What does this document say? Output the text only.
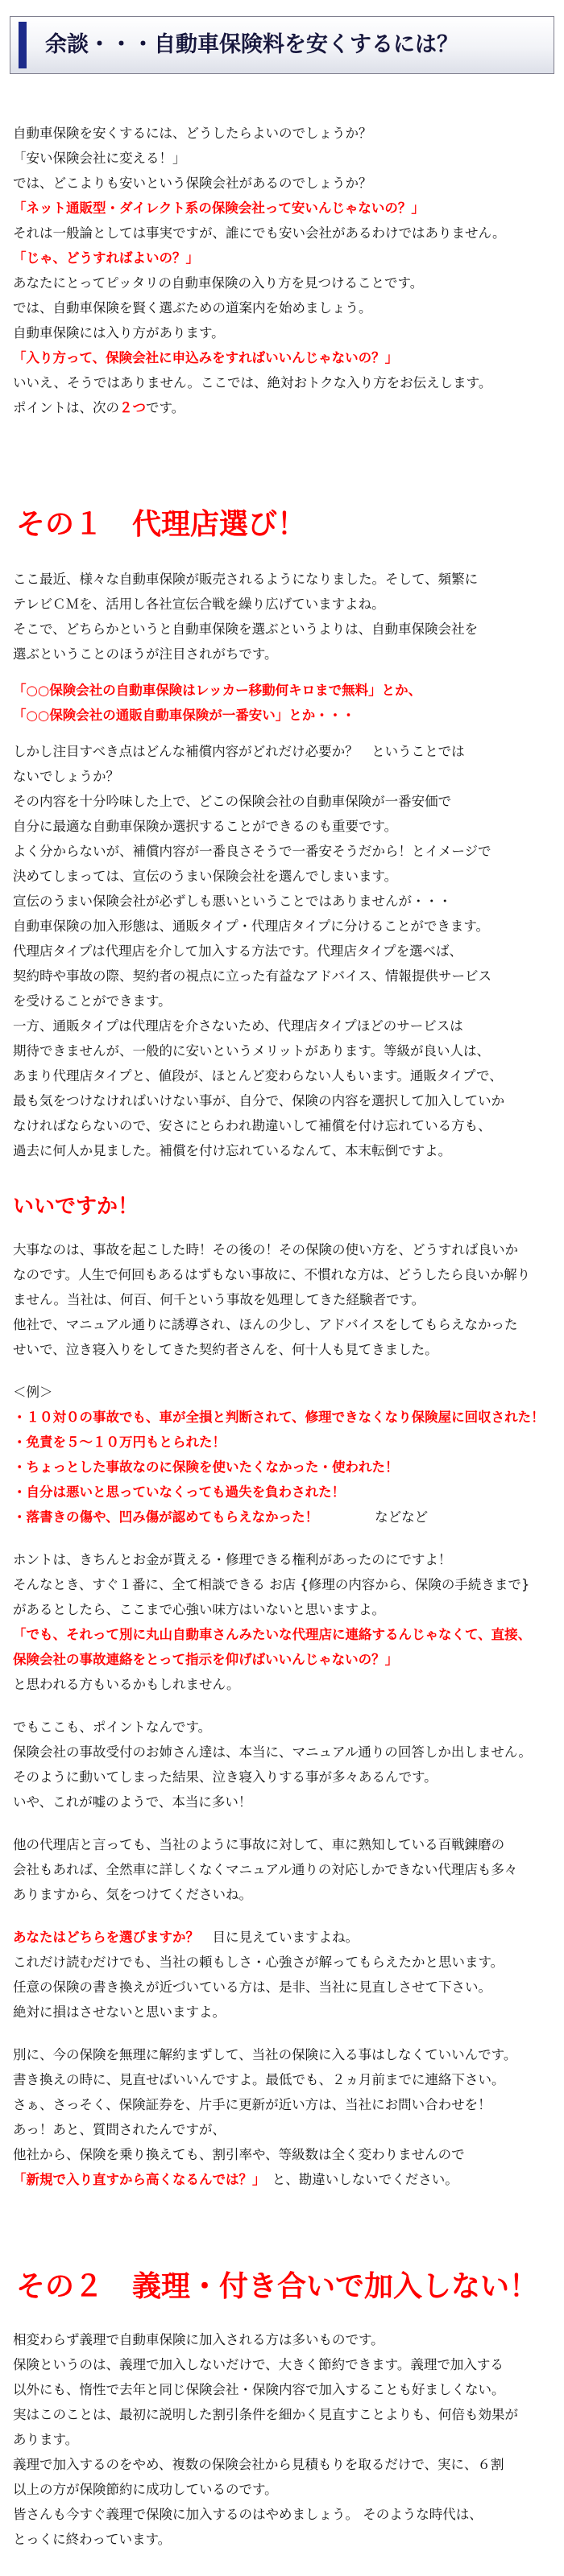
余談・・・自動車保険料を安くするには？
自動車保険を安くするには、どうしたらよいのでしょうか？
「安い保険会社に変える！」
では、どこよりも安いという保険会社があるのでしょうか？
「ネット通販型・ダイレクト系の保険会社って安いんじゃないの？」
それは一般論としては事実ですが、誰にでも安い会社があるわけではありません。
「じゃ、どうすればよいの？」
あなたにとってピッタリの自動車保険の入り方を見つけることです。
では、自動車保険を賢く選ぶための道案内を始めましょう。
自動車保険には入り方があります。
「入り方って、保険会社に申込みをすればいいんじゃないの？」
いいえ、そうではありません。ここでは、絶対おトクな入り方をお伝えします。
ポイントは、次の２つです。
その１　代理店選び！
ここ最近、様々な自動車保険が販売されるようになりました。そして、頻繁に
テレビＣＭを、活用し各社宣伝合戦を繰り広げていますよね。
そこで、どちらかというと自動車保険を選ぶというよりは、自動車保険会社を
選ぶということのほうが注目されがちです。
「○○保険会社の自動車保険はレッカー移動何キロまで無料」とか、
「○○保険会社の通販自動車保険が一番安い」とか・・・
しかし注目すべき点はどんな補償内容がどれだけ必要か？　ということでは
ないでしょうか？
その内容を十分吟味した上で、どこの保険会社の自動車保険が一番安価で
自分に最適な自動車保険か選択することができるのも重要です。
よく分からないが、補償内容が一番良さそうで一番安そうだから！とイメージで
決めてしまっては、宣伝のうまい保険会社を選んでしまいます。
宣伝のうまい保険会社が必ずしも悪いということではありませんが・・・
自動車保険の加入形態は、通販タイプ・代理店タイプに分けることができます。
代理店タイプは代理店を介して加入する方法です。代理店タイプを選べば、
契約時や事故の際、契約者の視点に立った有益なアドバイス、情報提供サービス
を受けることができます。
一方、通販タイプは代理店を介さないため、代理店タイプほどのサービスは
期待できませんが、一般的に安いというメリットがあります。等級が良い人は、
あまり代理店タイプと、値段が、ほとんど変わらない人もいます。通販タイプで、
最も気をつけなければいけない事が、自分で、保険の内容を選択して加入していか
なければならないので、安さにとらわれ勘違いして補償を付け忘れている方も、
過去に何人か見ました。補償を付け忘れているなんて、本末転倒ですよ。
いいですか！
大事なのは、事故を起こした時！その後の！その保険の使い方を、どうすれば良いか
なのです。人生で何回もあるはずもない事故に、不慣れな方は、どうしたら良いか解り
ません。当社は、何百、何千という事故を処理してきた経験者です。
他社で、マニュアル通りに誘導され、ほんの少し、アドバイスをしてもらえなかった
せいで、泣き寝入りをしてきた契約者さんを、何十人も見てきました。
＜例＞
・１０対０の事故でも、車が全損と判断されて、修理できなくなり保険屋に回収された！
・免責を５～１０万円もとられた！
・ちょっとした事故なのに保険を使いたくなかった・使われた！
・自分は悪いと思っていなくっても過失を負わされた！
・落書きの傷や、凹み傷が認めてもらえなかった！	などなど
ホントは、きちんとお金が貰える・修理できる権利があったのにですよ！
そんなとき、すぐ１番に、全て相談できる お店 {修理の内容から、保険の手続きまで}
があるとしたら、ここまで心強い味方はいないと思いますよ。
「でも、それって別に丸山自動車さんみたいな代理店に連絡するんじゃなくて、直接、
保険会社の事故連絡をとって指示を仰げばいいんじゃないの？」
と思われる方もいるかもしれません。
でもここも、ポイントなんです。
保険会社の事故受付のお姉さん達は、本当に、マニュアル通りの回答しか出しません。
そのように動いてしまった結果、泣き寝入りする事が多々あるんです。
いや、これが嘘のようで、本当に多い！
他の代理店と言っても、当社のように事故に対して、車に熟知している百戦錬磨の
会社もあれば、全然車に詳しくなくマニュアル通りの対応しかできない代理店も多々
ありますから、気をつけてくださいね。
あなたはどちらを選びますか？　目に見えていますよね。
これだけ読むだけでも、当社の頼もしさ・心強さが解ってもらえたかと思います。
任意の保険の書き換えが近づいている方は、是非、当社に見直しさせて下さい。
絶対に損はさせないと思いますよ。
別に、今の保険を無理に解約まずして、当社の保険に入る事はしなくていいんです。
書き換えの時に、見直せばいいんですよ。最低でも、２ヵ月前までに連絡下さい。
さぁ、さっそく、保険証券を、片手に更新が近い方は、当社にお問い合わせを！
あっ！あと、質問されたんですが、
他社から、保険を乗り換えても、割引率や、等級数は全く変わりませんので
「新規で入り直すから高くなるんでは？」　と、勘違いしないでください。
その２　義理・付き合いで加入しない！
相変わらず義理で自動車保険に加入される方は多いものです。
保険というのは、義理で加入しないだけで、大きく節約できます。義理で加入する
以外にも、惰性で去年と同じ保険会社・保険内容で加入することも好ましくない。
実はこのことは、最初に説明した割引条件を細かく見直すことよりも、何倍も効果が
あります。
義理で加入するのをやめ、複数の保険会社から見積もりを取るだけで、実に、６割
以上の方が保険節約に成功しているのです。
皆さんも今すぐ義理で保険に加入するのはやめましょう。 そのような時代は、
とっくに終わっています。
